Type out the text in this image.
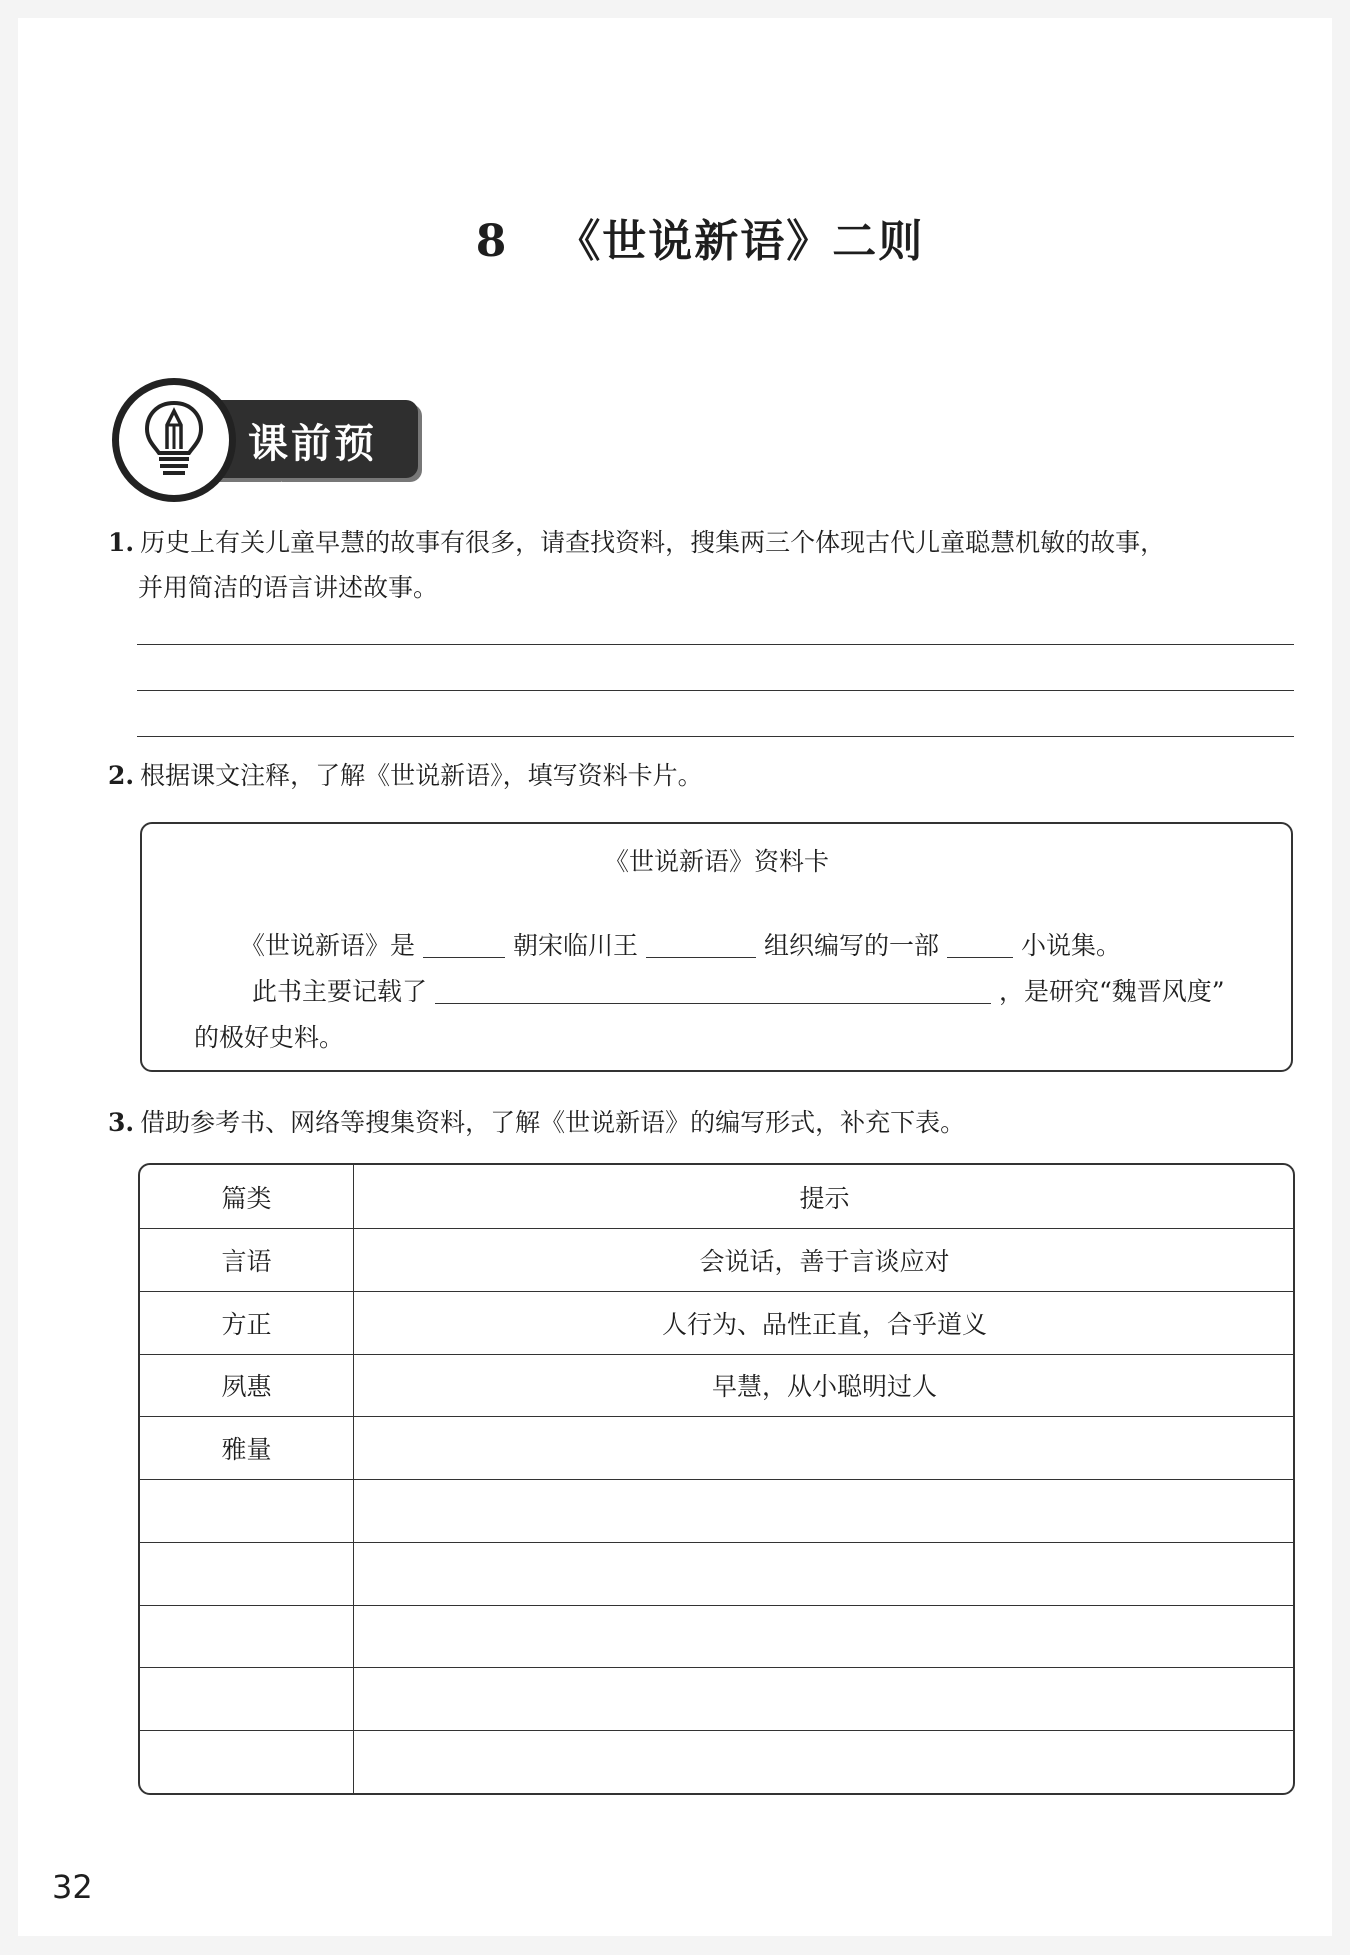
8 《世说新语》二则
课前预习
1. 历史上有关儿童早慧的故事有很多，请查找资料，搜集两三个体现古代儿童聪慧机敏的故事，
并用简洁的语言讲述故事。
2. 根据课文注释，了解《世说新语》，填写资料卡片。
《世说新语》资料卡
《世说新语》是	朝宋临川王	组织编写的一部	小说集。
此书主要记载了	，是研究“魏晋风度”
的极好史料。
3. 借助参考书、网络等搜集资料，了解《世说新语》的编写形式，补充下表。
篇类	提示
言语	会说话，善于言谈应对
方正	人行为、品性正直，合乎道义
夙惠	早慧，从小聪明过人
雅量
32
